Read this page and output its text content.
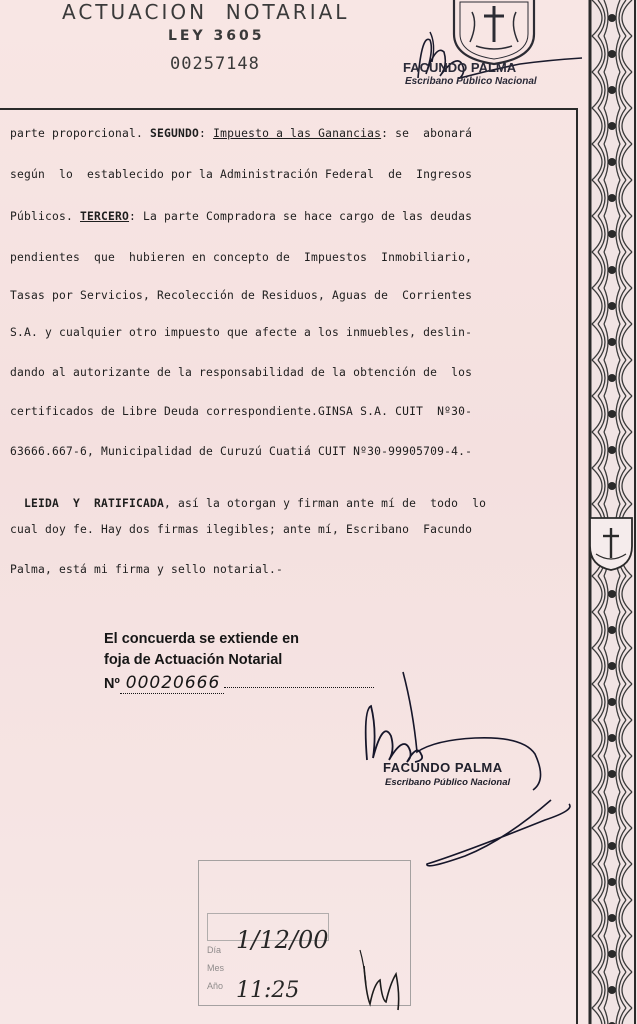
ACTUACION  NOTARIAL
LEY 3605
00257148	FACUNDO PALMA
Escribano Público Nacional
parte proporcional. SEGUNDO: Impuesto a las Ganancias: se  abonará
según  lo  establecido por la Administración Federal  de  Ingresos
Públicos. TERCERO: La parte Compradora se hace cargo de las deudas
pendientes  que  hubieren en concepto de  Impuestos  Inmobiliario,
Tasas por Servicios, Recolección de Residuos, Aguas de  Corrientes
S.A. y cualquier otro impuesto que afecte a los inmuebles, deslin-
dando al autorizante de la responsabilidad de la obtención de  los
certificados de Libre Deuda correspondiente.GINSA S.A. CUIT  Nº30-
63666.667-6, Municipalidad de Curuzú Cuatiá CUIT Nº30-99905709-4.-

LEIDA  Y  RATIFICADA, así la otorgan y firman ante mí de  todo  lo

cual doy fe. Hay dos firmas ilegibles; ante mí, Escribano  Facundo
Palma, está mi firma y sello notarial.-
El concuerda se extiende en
foja de Actuación Notarial
Nº 00020666
FACUNDO PALMA
Escribano Público Nacional
Día
Mes
Año
1/12/00
11:25
